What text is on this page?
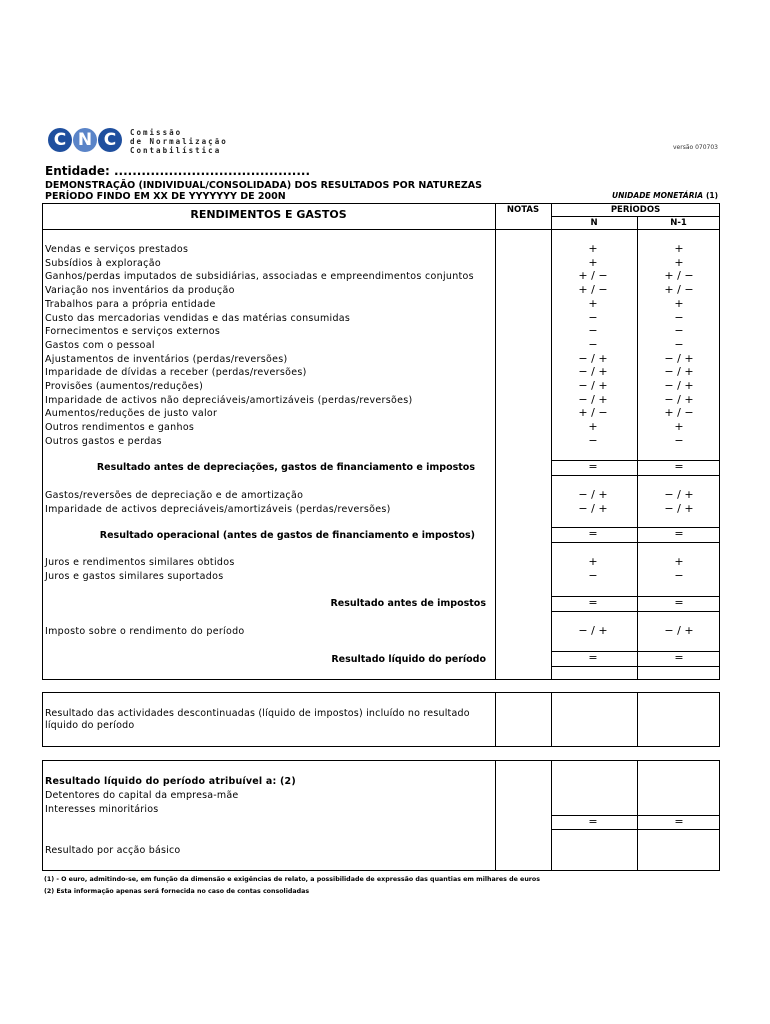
C N C	Comissão
de Normalização
Contabilística	versão 070703
Entidade: ...........................................
DEMONSTRAÇÃO (INDIVIDUAL/CONSOLIDADA) DOS RESULTADOS POR NATUREZAS
PERÍODO FINDO EM XX DE YYYYYYY DE 200N	UNIDADE MONETÁRIA (1)
RENDIMENTOS E GASTOS	NOTAS	PERÍODOS
N	N-1
Vendas e serviços prestados	+	+
Subsídios à exploração	+	+
Ganhos/perdas imputados de subsidiárias, associadas e empreendimentos conjuntos	+ / −	+ / −
Variação nos inventários da produção	+ / −	+ / −
Trabalhos para a própria entidade	+	+
Custo das mercadorias vendidas e das matérias consumidas	−	−
Fornecimentos e serviços externos	−	−
Gastos com o pessoal	−	−
Ajustamentos de inventários (perdas/reversões)	− / +	− / +
Imparidade de dívidas a receber (perdas/reversões)	− / +	− / +
Provisões (aumentos/reduções)	− / +	− / +
Imparidade de activos não depreciáveis/amortizáveis (perdas/reversões)	− / +	− / +
Aumentos/reduções de justo valor	+ / −	+ / −
Outros rendimentos e ganhos	+	+
Outros gastos e perdas	−	−
Resultado antes de depreciações, gastos de financiamento e impostos	=	=
Gastos/reversões de depreciação e de amortização	− / +	− / +
Imparidade de activos depreciáveis/amortizáveis (perdas/reversões)	− / +	− / +
Resultado operacional (antes de gastos de financiamento e impostos)	=	=
Juros e rendimentos similares obtidos	+	+
Juros e gastos similares suportados	−	−
Resultado antes de impostos	=	=
Imposto sobre o rendimento do período	− / +	− / +
Resultado líquido do período	=	=
Resultado das actividades descontinuadas (líquido de impostos) incluído no resultado
líquido do período
Resultado líquido do período atribuível a: (2)
Detentores do capital da empresa-mãe
Interesses minoritários
=	=
Resultado por acção básico
(1) - O euro, admitindo-se, em função da dimensão e exigências de relato, a possibilidade de expressão das quantias em milhares de euros
(2) Esta informação apenas será fornecida no caso de contas consolidadas
